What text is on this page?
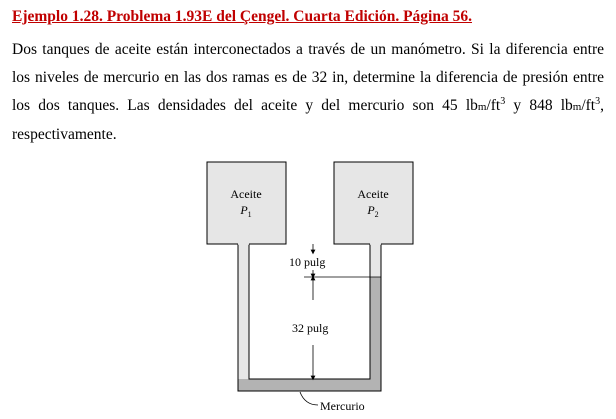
Ejemplo 1.28. Problema 1.93E del Çengel. Cuarta Edición. Página 56.

Dos tanques de aceite están interconectados a través de un manómetro. Si la diferencia entre los niveles de mercurio en las dos ramas es de 32 in, determine la diferencia de presión entre los dos tanques. Las densidades del aceite y del mercurio son 45 lbm/$ft^3$ y 848 lbm/$ft^3$, respectivamente.

Aceite
$P_1$
Aceite
$P_2$
10 pulg
32 pulg
Mercurio
